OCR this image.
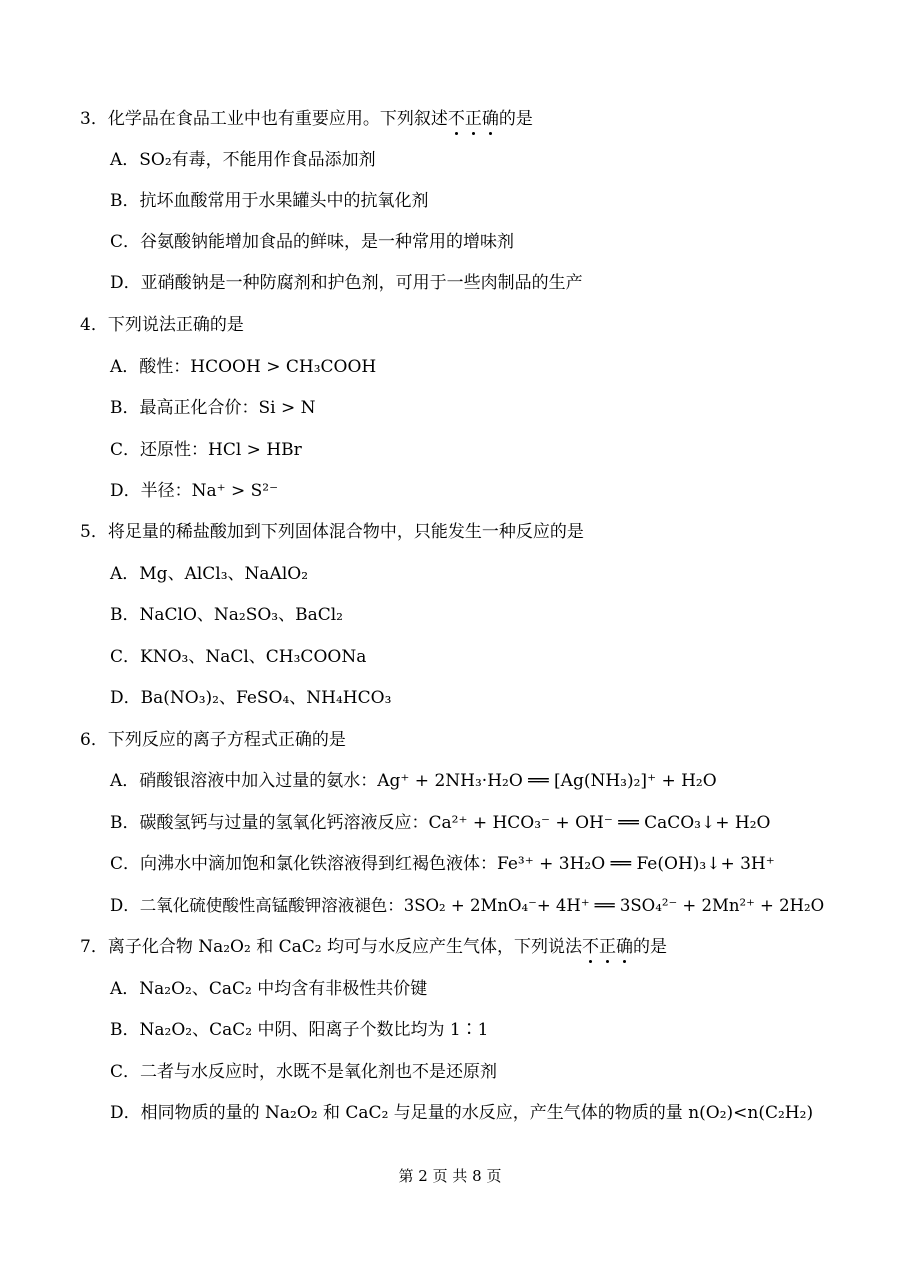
3．化学品在食品工业中也有重要应用。下列叙述不正确的是
A．SO₂有毒，不能用作食品添加剂
B．抗坏血酸常用于水果罐头中的抗氧化剂
C．谷氨酸钠能增加食品的鲜味，是一种常用的增味剂
D．亚硝酸钠是一种防腐剂和护色剂，可用于一些肉制品的生产
4．下列说法正确的是
A．酸性：HCOOH > CH₃COOH
B．最高正化合价：Si > N
C．还原性：HCl > HBr
D．半径：Na⁺ > S²⁻
5．将足量的稀盐酸加到下列固体混合物中，只能发生一种反应的是
A．Mg、AlCl₃、NaAlO₂
B．NaClO、Na₂SO₃、BaCl₂
C．KNO₃、NaCl、CH₃COONa
D．Ba(NO₃)₂、FeSO₄、NH₄HCO₃
6．下列反应的离子方程式正确的是
A．硝酸银溶液中加入过量的氨水：Ag⁺ + 2NH₃·H₂O ══ [Ag(NH₃)₂]⁺ + H₂O
B．碳酸氢钙与过量的氢氧化钙溶液反应：Ca²⁺ + HCO₃⁻ + OH⁻ ══ CaCO₃↓+ H₂O
C．向沸水中滴加饱和氯化铁溶液得到红褐色液体：Fe³⁺ + 3H₂O ══ Fe(OH)₃↓+ 3H⁺
D．二氧化硫使酸性高锰酸钾溶液褪色：3SO₂ + 2MnO₄⁻+ 4H⁺ ══ 3SO₄²⁻ + 2Mn²⁺ + 2H₂O
7．离子化合物 Na₂O₂ 和 CaC₂ 均可与水反应产生气体，下列说法不正确的是
A．Na₂O₂、CaC₂ 中均含有非极性共价键
B．Na₂O₂、CaC₂ 中阴、阳离子个数比均为 1∶1
C．二者与水反应时，水既不是氧化剂也不是还原剂
D．相同物质的量的 Na₂O₂ 和 CaC₂ 与足量的水反应，产生气体的物质的量 n(O₂)<n(C₂H₂)
第 2 页 共 8 页
